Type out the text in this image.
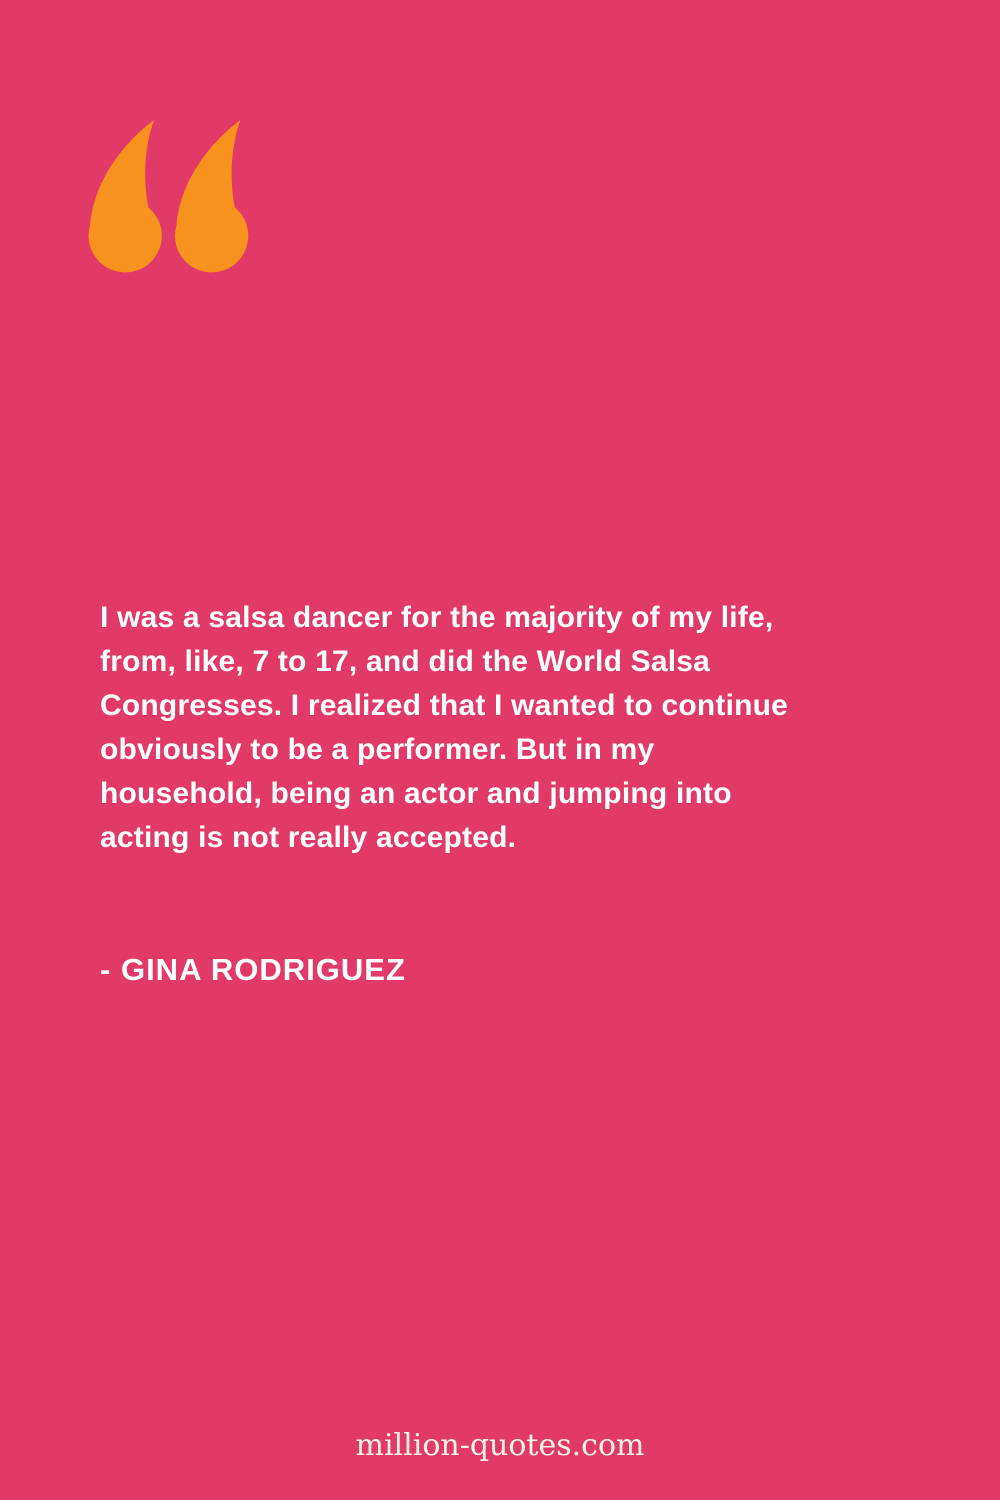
I was a salsa dancer for the majority of my life, from, like, 7 to 17, and did the World Salsa Congresses. I realized that I wanted to continue obviously to be a performer. But in my household, being an actor and jumping into acting is not really accepted.
- GINA RODRIGUEZ
million-quotes.com
